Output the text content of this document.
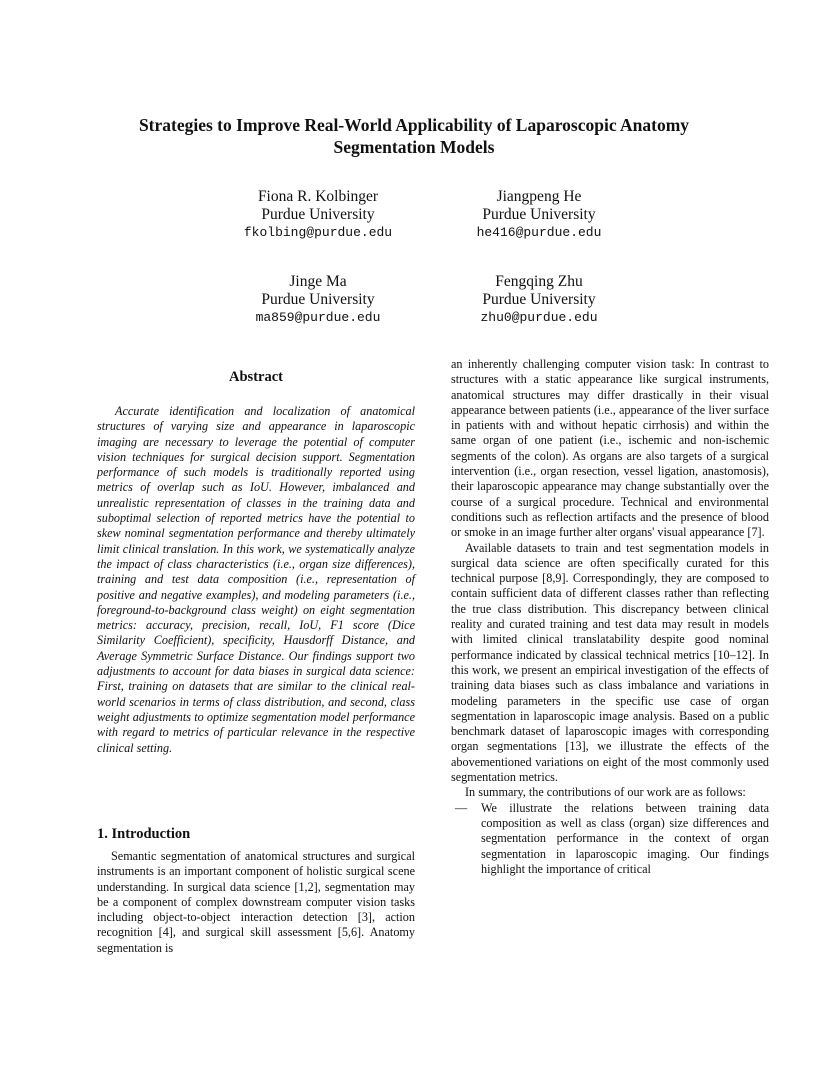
Strategies to Improve Real-World Applicability of Laparoscopic Anatomy
Segmentation Models
Fiona R. Kolbinger
Purdue University
fkolbing@purdue.edu
Jiangpeng He
Purdue University
he416@purdue.edu
Jinge Ma
Purdue University
ma859@purdue.edu
Fengqing Zhu
Purdue University
zhu0@purdue.edu
Abstract

Accurate identification and localization of anatomical structures of varying size and appearance in laparoscopic imaging are necessary to leverage the potential of computer vision techniques for surgical decision support. Segmentation performance of such models is traditionally reported using metrics of overlap such as IoU. However, imbalanced and unrealistic representation of classes in the training data and suboptimal selection of reported metrics have the potential to skew nominal segmentation performance and thereby ultimately limit clinical translation. In this work, we systematically analyze the impact of class characteristics (i.e., organ size differences), training and test data composition (i.e., representation of positive and negative examples), and modeling parameters (i.e., foreground-to-background class weight) on eight segmentation metrics: accuracy, precision, recall, IoU, F1 score (Dice Similarity Coefficient), specificity, Hausdorff Distance, and Average Symmetric Surface Distance. Our findings support two adjustments to account for data biases in surgical data science: First, training on datasets that are similar to the clinical real-world scenarios in terms of class distribution, and second, class weight adjustments to optimize segmentation model performance with regard to metrics of particular relevance in the respective clinical setting.

1. Introduction

Semantic segmentation of anatomical structures and surgical instruments is an important component of holistic surgical scene understanding. In surgical data science [1,2], segmentation may be a component of complex downstream computer vision tasks including object-to-object interaction detection [3], action recognition [4], and surgical skill assessment [5,6]. Anatomy segmentation is

an inherently challenging computer vision task: In contrast to structures with a static appearance like surgical instruments, anatomical structures may differ drastically in their visual appearance between patients (i.e., appearance of the liver surface in patients with and without hepatic cirrhosis) and within the same organ of one patient (i.e., ischemic and non-ischemic segments of the colon). As organs are also targets of a surgical intervention (i.e., organ resection, vessel ligation, anastomosis), their laparoscopic appearance may change substantially over the course of a surgical procedure. Technical and environmental conditions such as reflection artifacts and the presence of blood or smoke in an image further alter organs' visual appearance [7].

Available datasets to train and test segmentation models in surgical data science are often specifically curated for this technical purpose [8,9]. Correspondingly, they are composed to contain sufficient data of different classes rather than reflecting the true class distribution. This discrepancy between clinical reality and curated training and test data may result in models with limited clinical translatability despite good nominal performance indicated by classical technical metrics [10–12]. In this work, we present an empirical investigation of the effects of training data biases such as class imbalance and variations in modeling parameters in the specific use case of organ segmentation in laparoscopic image analysis. Based on a public benchmark dataset of laparoscopic images with corresponding organ segmentations [13], we illustrate the effects of the abovementioned variations on eight of the most commonly used segmentation metrics.

In summary, the contributions of our work are as follows:

— We illustrate the relations between training data composition as well as class (organ) size differences and segmentation performance in the context of organ segmentation in laparoscopic imaging. Our findings highlight the importance of critical
